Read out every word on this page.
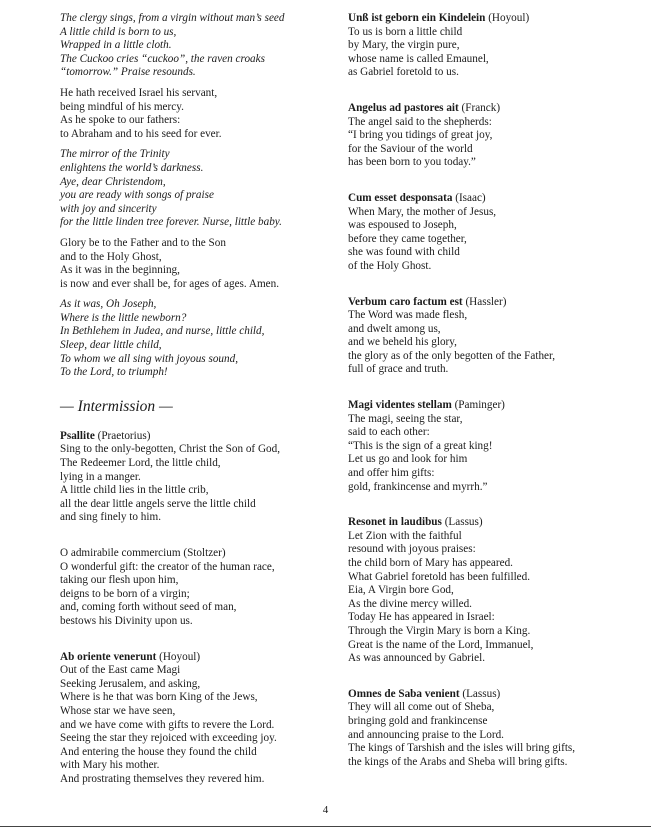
The clergy sings, from a virgin without man’s seed
A little child is born to us,
Wrapped in a little cloth.
The Cuckoo cries “cuckoo”, the raven croaks
“tomorrow.” Praise resounds.
He hath received Israel his servant,
being mindful of his mercy.
As he spoke to our fathers:
to Abraham and to his seed for ever.
The mirror of the Trinity
enlightens the world’s darkness.
Aye, dear Christendom,
you are ready with songs of praise
with joy and sincerity
for the little linden tree forever. Nurse, little baby.
Glory be to the Father and to the Son
and to the Holy Ghost,
As it was in the beginning,
is now and ever shall be, for ages of ages. Amen.
As it was, Oh Joseph,
Where is the little newborn?
In Bethlehem in Judea, and nurse, little child,
Sleep, dear little child,
To whom we all sing with joyous sound,
To the Lord, to triumph!
— Intermission —
Psallite (Praetorius)
Sing to the only-begotten, Christ the Son of God,
The Redeemer Lord, the little child,
lying in a manger.
A little child lies in the little crib,
all the dear little angels serve the little child
and sing finely to him.
O admirabile commercium (Stoltzer)
O wonderful gift: the creator of the human race,
taking our flesh upon him,
deigns to be born of a virgin;
and, coming forth without seed of man,
bestows his Divinity upon us.
Ab oriente venerunt (Hoyoul)
Out of the East came Magi
Seeking Jerusalem, and asking,
Where is he that was born King of the Jews,
Whose star we have seen,
and we have come with gifts to revere the Lord.
Seeing the star they rejoiced with exceeding joy.
And entering the house they found the child
with Mary his mother.
And prostrating themselves they revered him.
Unß ist geborn ein Kindelein (Hoyoul)
To us is born a little child
by Mary, the virgin pure,
whose name is called Emaunel,
as Gabriel foretold to us.
Angelus ad pastores ait (Franck)
The angel said to the shepherds:
“I bring you tidings of great joy,
for the Saviour of the world
has been born to you today.”
Cum esset desponsata (Isaac)
When Mary, the mother of Jesus,
was espoused to Joseph,
before they came together,
she was found with child
of the Holy Ghost.
Verbum caro factum est (Hassler)
The Word was made flesh,
and dwelt among us,
and we beheld his glory,
the glory as of the only begotten of the Father,
full of grace and truth.
Magi videntes stellam (Paminger)
The magi, seeing the star,
said to each other:
“This is the sign of a great king!
Let us go and look for him
and offer him gifts:
gold, frankincense and myrrh.”
Resonet in laudibus (Lassus)
Let Zion with the faithful
resound with joyous praises:
the child born of Mary has appeared.
What Gabriel foretold has been fulfilled.
Eia, A Virgin bore God,
As the divine mercy willed.
Today He has appeared in Israel:
Through the Virgin Mary is born a King.
Great is the name of the Lord, Immanuel,
As was announced by Gabriel.
Omnes de Saba venient (Lassus)
They will all come out of Sheba,
bringing gold and frankincense
and announcing praise to the Lord.
The kings of Tarshish and the isles will bring gifts,
the kings of the Arabs and Sheba will bring gifts.
4
